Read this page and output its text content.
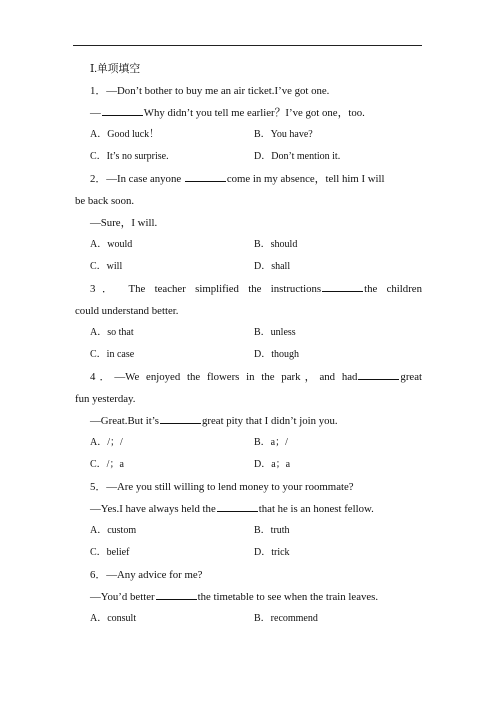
Ⅰ.单项填空
1．—Don’t bother to buy me an air ticket.I’ve got one.
—	Why didn’t you tell me earlier？I’ve got one，too.
A．Good luck！	B．You have?
C．It’s no surprise.	D．Don’t mention it.
2．—In case anyone	come in my absence，tell him I will
be back soon.
—Sure，I will.
A．would	B．should
C．will	D．shall
3． The teacher simplified the instructions	the children
could understand better.
A．so that	B．unless
C．in case	D．though
4．—We enjoyed the flowers in the park，and had	great
fun yesterday.
—Great.But it’s	great pity that I didn’t join you.
A．/；/	B．a；/
C．/；a	D．a；a
5．—Are you still willing to lend money to your roommate?
—Yes.I have always held the	that he is an honest fellow.
A．custom	B．truth
C．belief	D．trick
6．—Any advice for me?
—You’d better	the timetable to see when the train leaves.
A．consult	B．recommend
